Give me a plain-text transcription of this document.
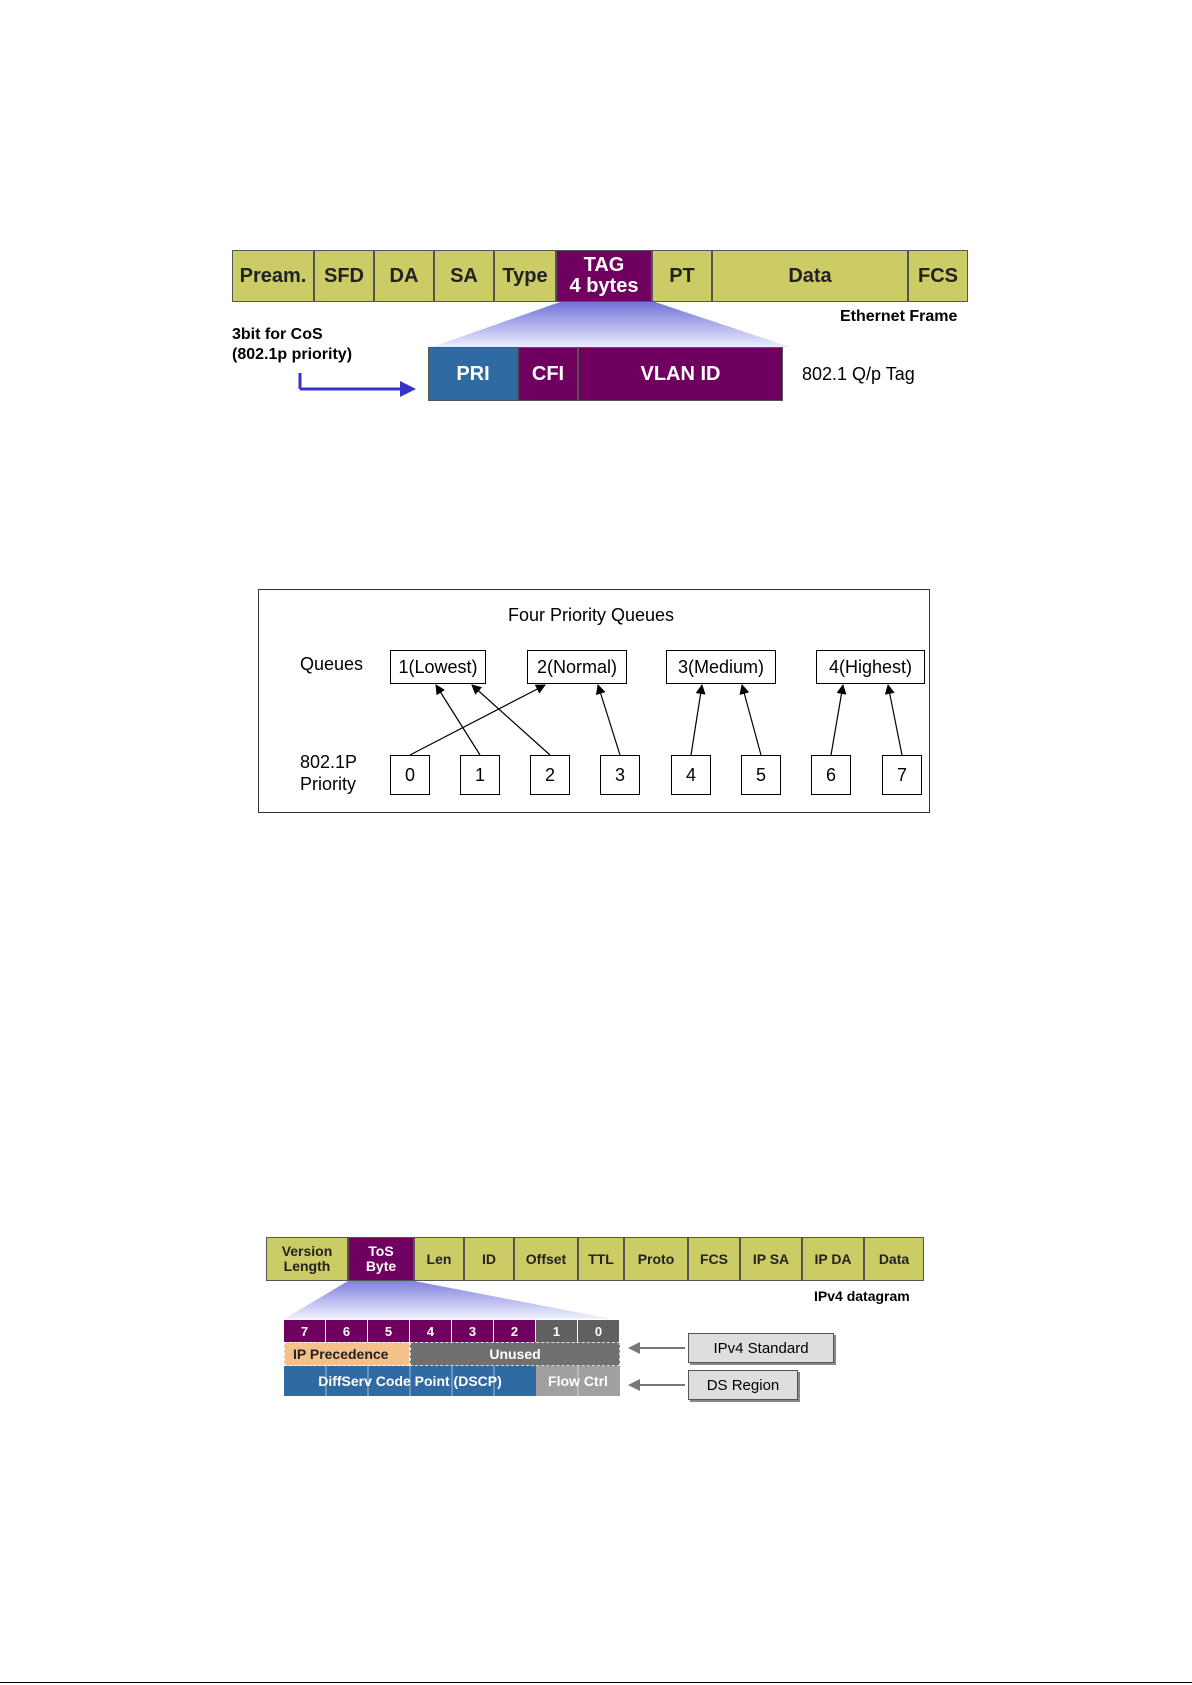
Pream. SFD	DA	SA	Type	TAG
4 bytes	PT	Data	FCS
Ethernet Frame
3bit for CoS
(802.1p priority)
PRI	CFI	VLAN ID	802.1 Q/p Tag
Four Priority Queues
Queues
802.1P
Priority
1(Lowest)	2(Normal)	3(Medium)	4(Highest)
0	1	2	3	4	5	6	7
Version
Length
ToS
Byte	Len	ID	Offset	TTL	Proto	FCS	IP SA	IP DA	Data
IPv4 datagram
7	6	5	4	3	2	1	0
IP Precedence	Unused
DiffServ Code Point (DSCP)	Flow Ctrl
IPv4 Standard
DS Region
